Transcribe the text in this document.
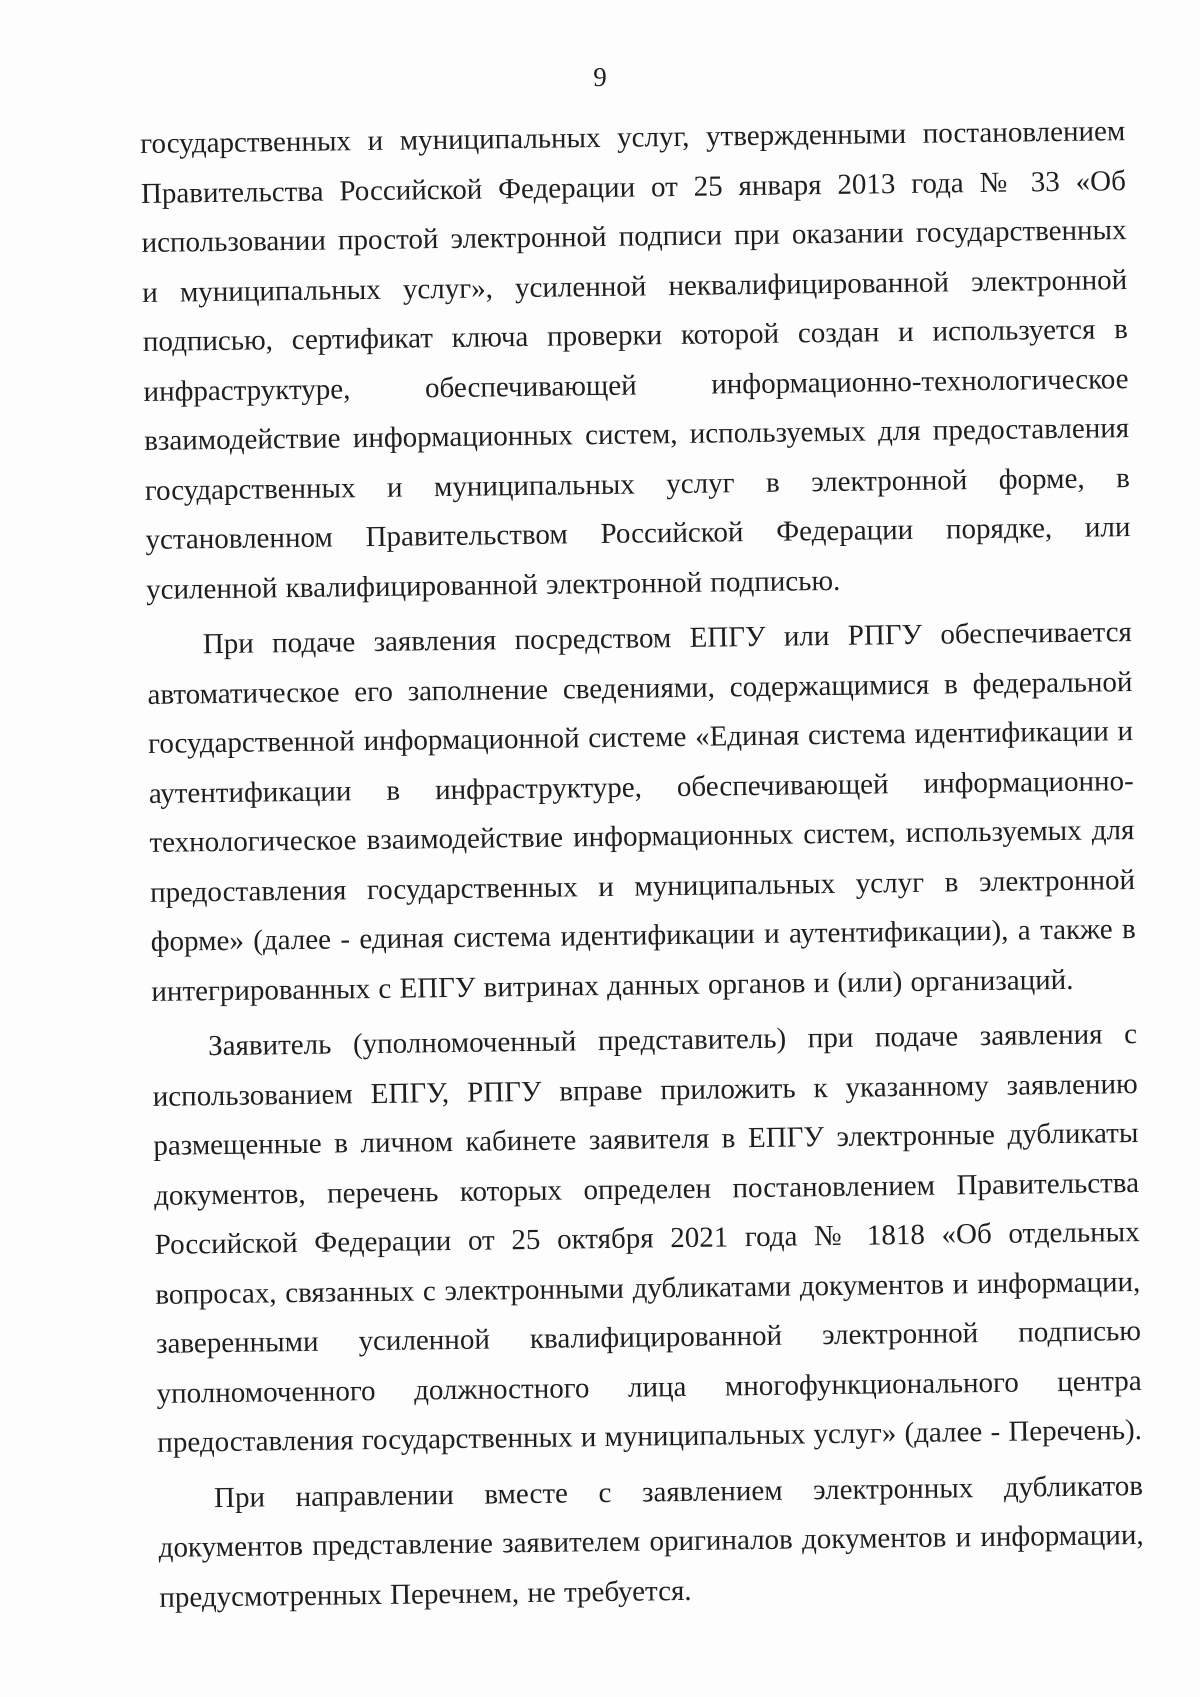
9

государственных и муниципальных услуг, утвержденными постановлением Правительства Российской Федерации от 25 января 2013 года № 33 «Об использовании простой электронной подписи при оказании государственных и муниципальных услуг», усиленной неквалифицированной электронной подписью, сертификат ключа проверки которой создан и используется в инфраструктуре, обеспечивающей информационно-технологическое взаимодействие информационных систем, используемых для предоставления государственных и муниципальных услуг в электронной форме, в установленном Правительством Российской Федерации порядке, или усиленной квалифицированной электронной подписью.

При подаче заявления посредством ЕПГУ или РПГУ обеспечивается автоматическое его заполнение сведениями, содержащимися в федеральной государственной информационной системе «Единая система идентификации и аутентификации в инфраструктуре, обеспечивающей информационно-технологическое взаимодействие информационных систем, используемых для предоставления государственных и муниципальных услуг в электронной форме» (далее - единая система идентификации и аутентификации), а также в интегрированных с ЕПГУ витринах данных органов и (или) организаций.

Заявитель (уполномоченный представитель) при подаче заявления с использованием ЕПГУ, РПГУ вправе приложить к указанному заявлению размещенные в личном кабинете заявителя в ЕПГУ электронные дубликаты документов, перечень которых определен постановлением Правительства Российской Федерации от 25 октября 2021 года № 1818 «Об отдельных вопросах, связанных с электронными дубликатами документов и информации, заверенными усиленной квалифицированной электронной подписью уполномоченного должностного лица многофункционального центра предоставления государственных и муниципальных услуг» (далее - Перечень).

При направлении вместе с заявлением электронных дубликатов документов представление заявителем оригиналов документов и информации, предусмотренных Перечнем, не требуется.
